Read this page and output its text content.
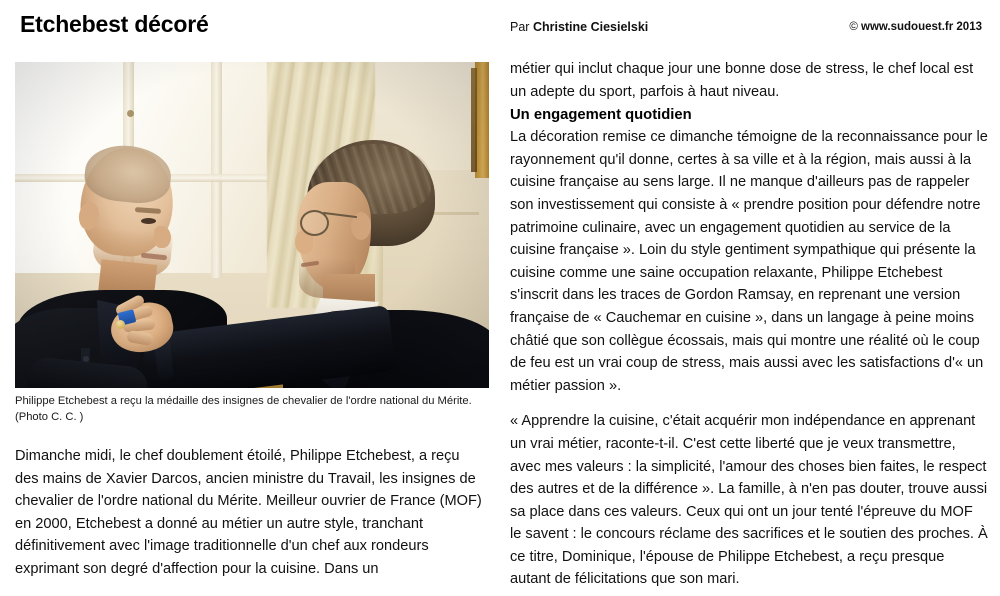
Etchebest décoré	Par Christine Ciesielski	© www.sudouest.fr 2013
Philippe Etchebest a reçu la médaille des insignes de chevalier de l'ordre national du Mérite. (Photo C. C. )
Dimanche midi, le chef doublement étoilé, Philippe Etchebest, a reçu des mains de Xavier Darcos, ancien ministre du Travail, les insignes de chevalier de l'ordre national du Mérite. Meilleur ouvrier de France (MOF) en 2000, Etchebest a donné au métier un autre style, tranchant définitivement avec l'image traditionnelle d'un chef aux rondeurs exprimant son degré d'affection pour la cuisine. Dans un

métier qui inclut chaque jour une bonne dose de stress, le chef local est un adepte du sport, parfois à haut niveau.

Un engagement quotidien

La décoration remise ce dimanche témoigne de la reconnaissance pour le rayonnement qu'il donne, certes à sa ville et à la région, mais aussi à la cuisine française au sens large. Il ne manque d'ailleurs pas de rappeler son investissement qui consiste à « prendre position pour défendre notre patrimoine culinaire, avec un engagement quotidien au service de la cuisine française ». Loin du style gentiment sympathique qui présente la cuisine comme une saine occupation relaxante, Philippe Etchebest s'inscrit dans les traces de Gordon Ramsay, en reprenant une version française de « Cauchemar en cuisine », dans un langage à peine moins châtié que son collègue écossais, mais qui montre une réalité où le coup de feu est un vrai coup de stress, mais aussi avec les satisfactions d'« un métier passion ».

« Apprendre la cuisine, c'était acquérir mon indépendance en apprenant un vrai métier, raconte-t-il. C'est cette liberté que je veux transmettre, avec mes valeurs : la simplicité, l'amour des choses bien faites, le respect des autres et de la différence ». La famille, à n'en pas douter, trouve aussi sa place dans ces valeurs. Ceux qui ont un jour tenté l'épreuve du MOF le savent : le concours réclame des sacrifices et le soutien des proches. À ce titre, Dominique, l'épouse de Philippe Etchebest, a reçu presque autant de félicitations que son mari.
